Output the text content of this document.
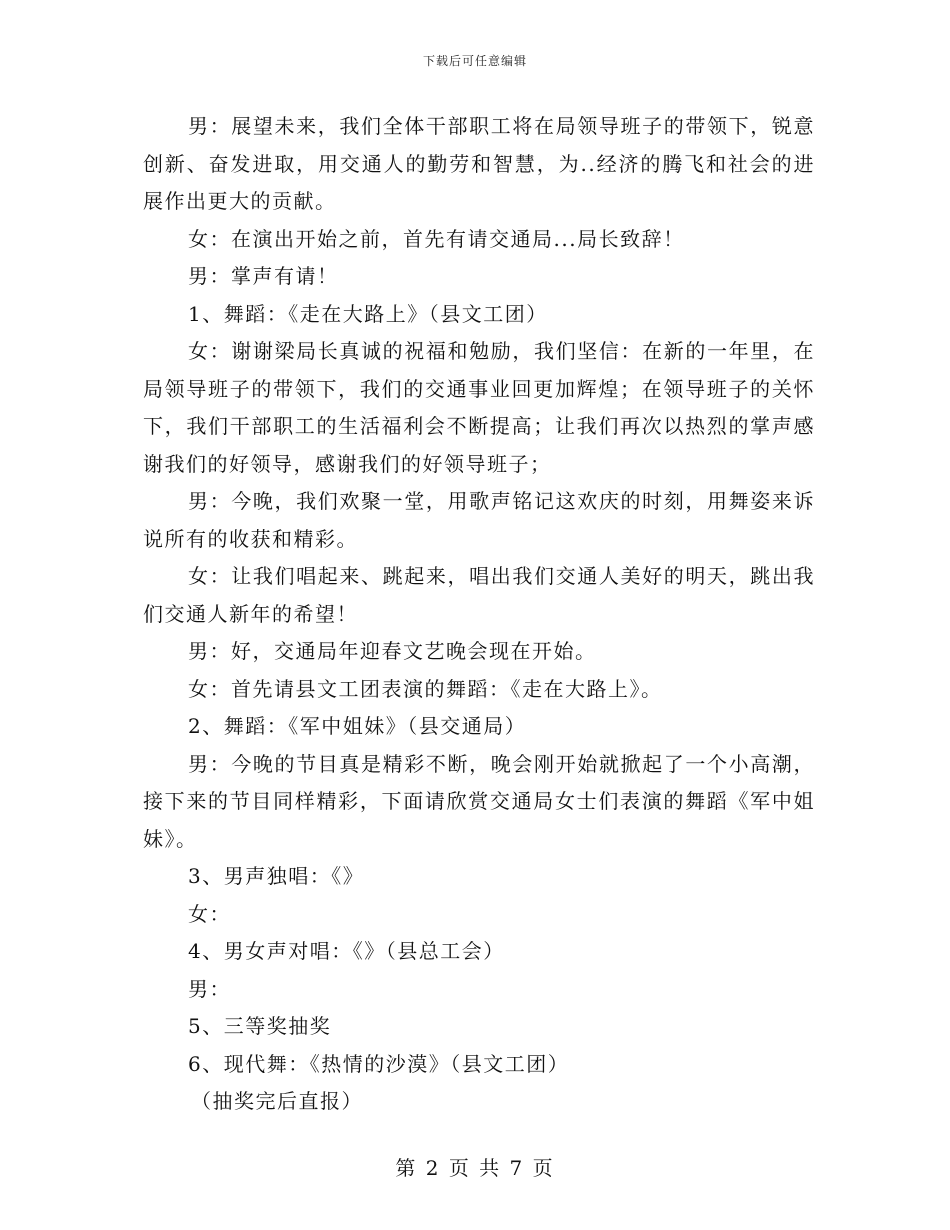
下载后可任意编辑

男：展望未来，我们全体干部职工将在局领导班子的带领下，锐意创新、奋发进取，用交通人的勤劳和智慧，为..经济的腾飞和社会的进展作出更大的贡献。

女：在演出开始之前，首先有请交通局...局长致辞！

男：掌声有请！

1、舞蹈：《走在大路上》（县文工团）

女：谢谢梁局长真诚的祝福和勉励，我们坚信：在新的一年里，在局领导班子的带领下，我们的交通事业回更加辉煌；在领导班子的关怀下，我们干部职工的生活福利会不断提高；让我们再次以热烈的掌声感谢我们的好领导，感谢我们的好领导班子；

男：今晚，我们欢聚一堂，用歌声铭记这欢庆的时刻，用舞姿来诉说所有的收获和精彩。

女：让我们唱起来、跳起来，唱出我们交通人美好的明天，跳出我们交通人新年的希望！

男：好，交通局年迎春文艺晚会现在开始。

女：首先请县文工团表演的舞蹈：《走在大路上》。

2、舞蹈：《军中姐妹》（县交通局）

男：今晚的节目真是精彩不断，晚会刚开始就掀起了一个小高潮，接下来的节目同样精彩，下面请欣赏交通局女士们表演的舞蹈《军中姐妹》。

3、男声独唱：《》

女：

4、男女声对唱：《》（县总工会）

男：

5、三等奖抽奖

6、现代舞：《热情的沙漠》（县文工团）

（抽奖完后直报）

第 2 页 共 7 页
